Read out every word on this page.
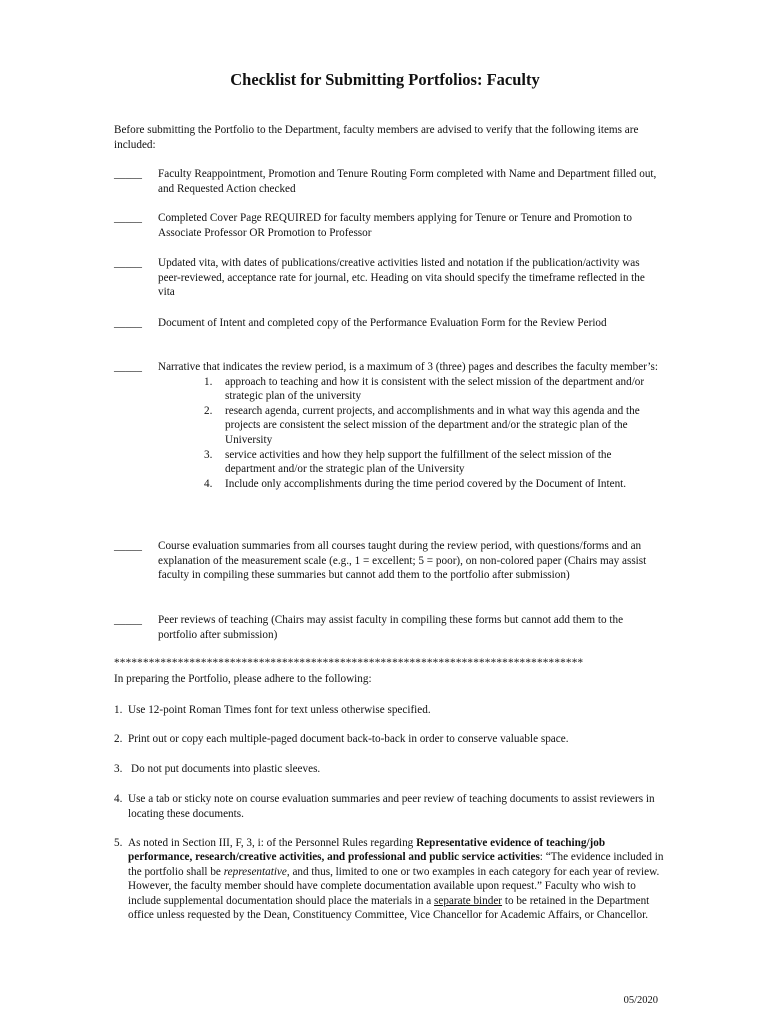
Checklist for Submitting Portfolios: Faculty
Before submitting the Portfolio to the Department, faculty members are advised to verify that the following items are included:
_____	Faculty Reappointment, Promotion and Tenure Routing Form completed with Name and Department filled out, and Requested Action checked
_____	Completed Cover Page REQUIRED for faculty members applying for Tenure or Tenure and Promotion to Associate Professor OR Promotion to Professor
_____	Updated vita, with dates of publications/creative activities listed and notation if the publication/activity was peer-reviewed, acceptance rate for journal, etc. Heading on vita should specify the timeframe reflected in the vita
_____	Document of Intent and completed copy of the Performance Evaluation Form for the Review Period
_____	Narrative that indicates the review period, is a maximum of 3 (three) pages and describes the faculty member’s:
1. approach to teaching and how it is consistent with the select mission of the department and/or strategic plan of the university
2. research agenda, current projects, and accomplishments and in what way this agenda and the projects are consistent the select mission of the department and/or the strategic plan of the University
3. service activities and how they help support the fulfillment of the select mission of the department and/or the strategic plan of the University
4. Include only accomplishments during the time period covered by the Document of Intent.
_____	Course evaluation summaries from all courses taught during the review period, with questions/forms and an explanation of the measurement scale (e.g., 1 = excellent; 5 = poor), on non-colored paper (Chairs may assist faculty in compiling these summaries but cannot add them to the portfolio after submission)
_____	Peer reviews of teaching (Chairs may assist faculty in compiling these forms but cannot add them to the portfolio after submission)
*********************************************************************************
In preparing the Portfolio, please adhere to the following:
1. Use 12-point Roman Times font for text unless otherwise specified.
2. Print out or copy each multiple-paged document back-to-back in order to conserve valuable space.
3. Do not put documents into plastic sleeves.
4. Use a tab or sticky note on course evaluation summaries and peer review of teaching documents to assist reviewers in locating these documents.
5. As noted in Section III, F, 3, i: of the Personnel Rules regarding Representative evidence of teaching/job performance, research/creative activities, and professional and public service activities: “The evidence included in the portfolio shall be representative, and thus, limited to one or two examples in each category for each year of review. However, the faculty member should have complete documentation available upon request.” Faculty who wish to include supplemental documentation should place the materials in a separate binder to be retained in the Department office unless requested by the Dean, Constituency Committee, Vice Chancellor for Academic Affairs, or Chancellor.
05/2020
